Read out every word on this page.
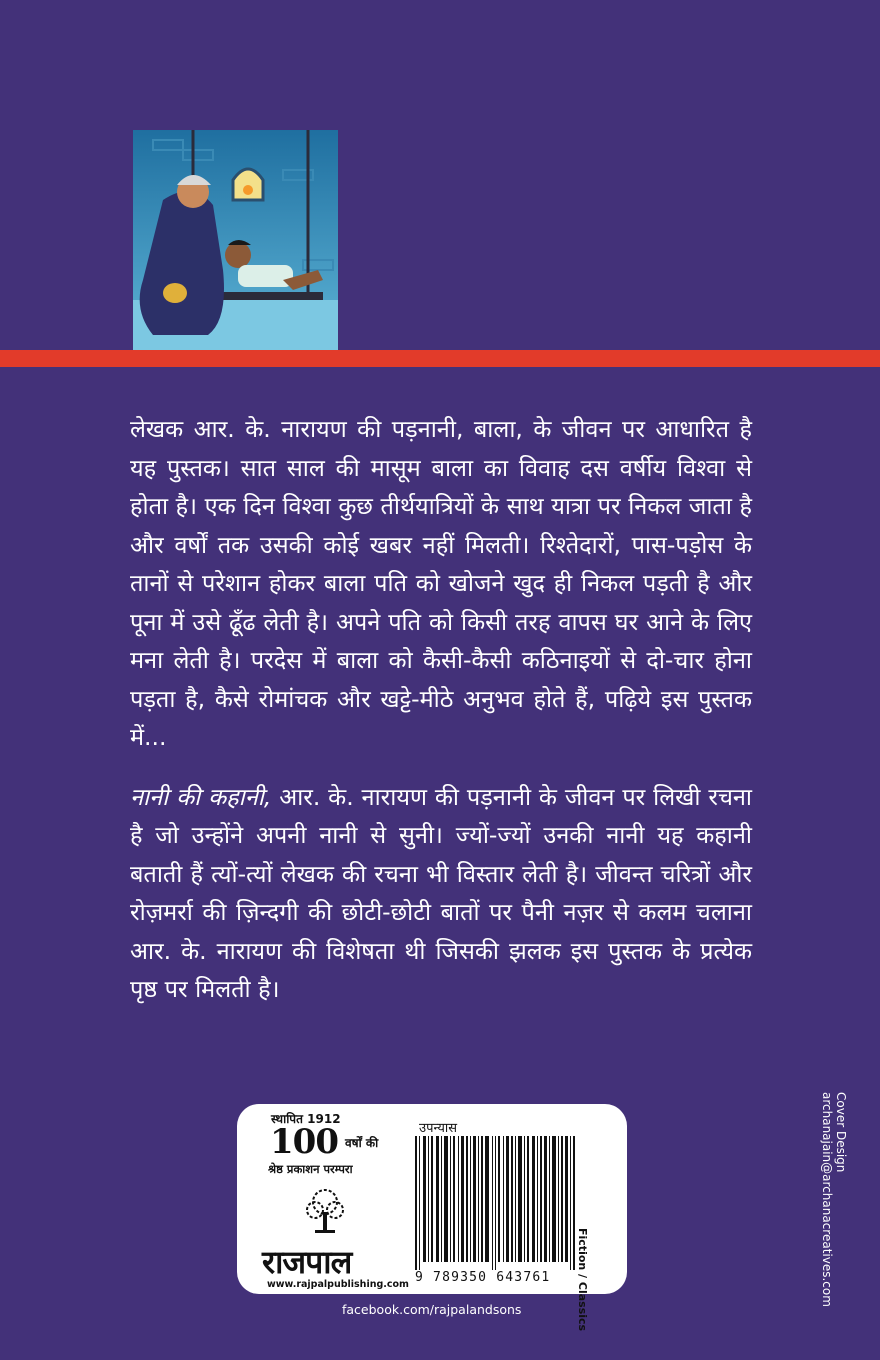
लेखक आर. के. नारायण की पड़नानी, बाला, के जीवन पर आधारित है यह पुस्तक। सात साल की मासूम बाला का विवाह दस वर्षीय विश्वा से होता है। एक दिन विश्वा कुछ तीर्थयात्रियों के साथ यात्रा पर निकल जाता है और वर्षों तक उसकी कोई खबर नहीं मिलती। रिश्तेदारों, पास-पड़ोस के तानों से परेशान होकर बाला पति को खोजने खुद ही निकल पड़ती है और पूना में उसे ढूँढ लेती है। अपने पति को किसी तरह वापस घर आने के लिए मना लेती है। परदेस में बाला को कैसी-कैसी कठिनाइयों से दो-चार होना पड़ता है, कैसे रोमांचक और खट्टे-मीठे अनुभव होते हैं, पढ़िये इस पुस्तक में...

नानी की कहानी, आर. के. नारायण की पड़नानी के जीवन पर लिखी रचना है जो उन्होंने अपनी नानी से सुनी। ज्यों-ज्यों उनकी नानी यह कहानी बताती हैं त्यों-त्यों लेखक की रचना भी विस्तार लेती है। जीवन्त चरित्रों और रोज़मर्रा की ज़िन्दगी की छोटी-छोटी बातों पर पैनी नज़र से कलम चलाना आर. के. नारायण की विशेषता थी जिसकी झलक इस पुस्तक के प्रत्येक पृष्ठ पर मिलती है।

स्थापित 1912
100 वर्षों की
श्रेष्ठ प्रकाशन परम्परा
राजपाल
www.rajpalpublishing.com
उपन्यास
9 789350 643761 Fiction / Classics
facebook.com/rajpalandsons
Cover Design
archanajain@archanacreatives.com
